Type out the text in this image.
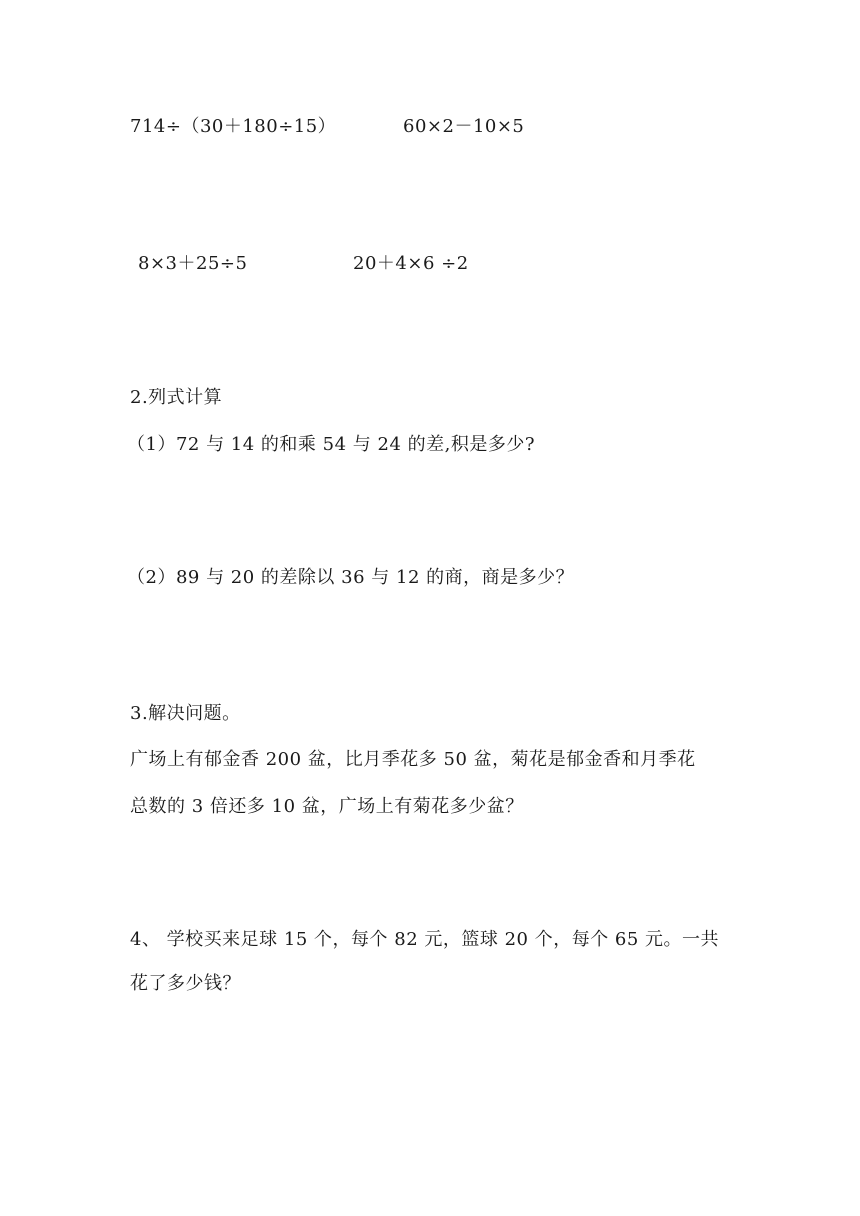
714÷（30＋180÷15）	60×2－10×5
8×3＋25÷5	20＋4×6 ÷2
2.列式计算
（1）72 与 14 的和乘 54 与 24 的差,积是多少?
（2）89 与 20 的差除以 36 与 12 的商，商是多少？
3.解决问题。
广场上有郁金香 200 盆，比月季花多 50 盆，菊花是郁金香和月季花
总数的 3 倍还多 10 盆，广场上有菊花多少盆？
4、 学校买来足球 15 个，每个 82 元，篮球 20 个，每个 65 元。一共
花了多少钱？
